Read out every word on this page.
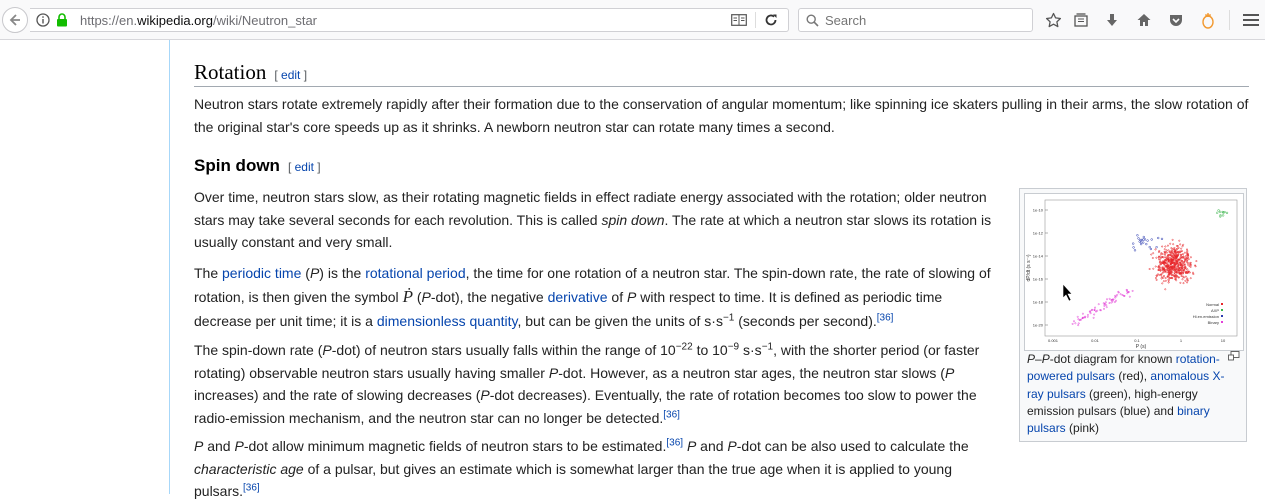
https://en.wikipedia.org/wiki/Neutron_star
Search
Rotation [ edit ]

Neutron stars rotate extremely rapidly after their formation due to the conservation of angular momentum; like spinning ice skaters pulling in their arms, the slow rotation of the original star's core speeds up as it shrinks. A newborn neutron star can rotate many times a second.

Spin down [ edit ]

Over time, neutron stars slow, as their rotating magnetic fields in effect radiate energy associated with the rotation; older neutron stars may take several seconds for each revolution. This is called spin down. The rate at which a neutron star slows its rotation is usually constant and very small.

The periodic time (P) is the rotational period, the time for one rotation of a neutron star. The spin-down rate, the rate of slowing of rotation, is then given the symbol Ṗ (P-dot), the negative derivative of P with respect to time. It is defined as periodic time decrease per unit time; it is a dimensionless quantity, but can be given the units of $s\cdot s^{-1}$ (seconds per second).[36]

The spin-down rate (P-dot) of neutron stars usually falls within the range of $10^{-22}$ to $10^{-9}$ $s\cdot s^{-1}$, with the shorter period (or faster rotating) observable neutron stars usually having smaller P-dot. However, as a neutron star ages, the neutron star slows (P increases) and the rate of slowing decreases (P-dot decreases). Eventually, the rate of rotation becomes too slow to power the radio-emission mechanism, and the neutron star can no longer be detected.[36]

P and P-dot allow minimum magnetic fields of neutron stars to be estimated.[36] P and P-dot can be also used to calculate the characteristic age of a pulsar, but gives an estimate which is somewhat larger than the true age when it is applied to young pulsars.[36]

dP/dt (s s⁻¹)
P (s)
1e-10
1e-12
1e-14
1e-16
1e-18
1e-20
0.001	0.01	0.1	1	10
Normal
AXP
Hi.en.emission
Binary
P–P-dot diagram for known rotation-powered pulsars (red), anomalous X-ray pulsars (green), high-energy emission pulsars (blue) and binary pulsars (pink)
